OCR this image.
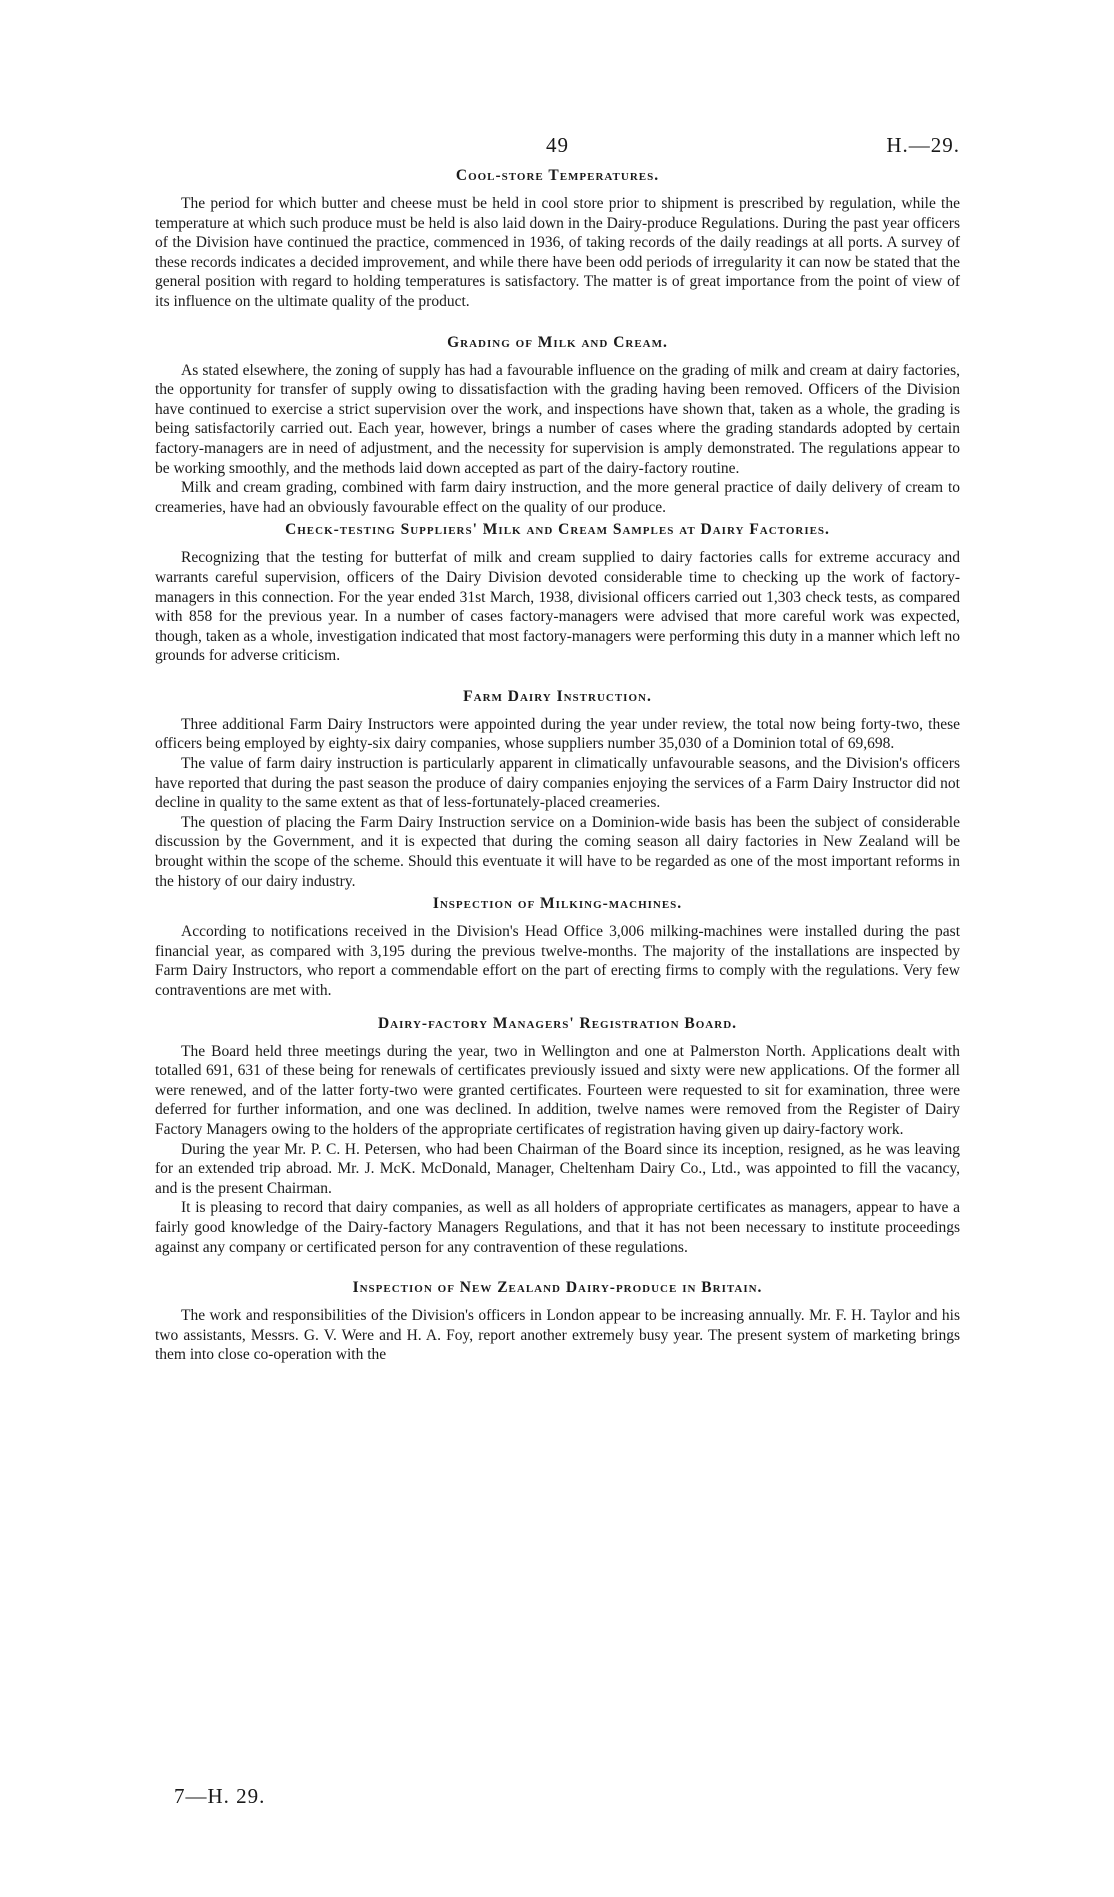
49	H.—29.
Cool-store Temperatures.

The period for which butter and cheese must be held in cool store prior to shipment is prescribed by regulation, while the temperature at which such produce must be held is also laid down in the Dairy-produce Regulations. During the past year officers of the Division have continued the practice, commenced in 1936, of taking records of the daily readings at all ports. A survey of these records indicates a decided improvement, and while there have been odd periods of irregularity it can now be stated that the general position with regard to holding temperatures is satisfactory. The matter is of great importance from the point of view of its influence on the ultimate quality of the product.

Grading of Milk and Cream.

As stated elsewhere, the zoning of supply has had a favourable influence on the grading of milk and cream at dairy factories, the opportunity for transfer of supply owing to dissatisfaction with the grading having been removed. Officers of the Division have continued to exercise a strict supervision over the work, and inspections have shown that, taken as a whole, the grading is being satisfactorily carried out. Each year, however, brings a number of cases where the grading standards adopted by certain factory-managers are in need of adjustment, and the necessity for supervision is amply demonstrated. The regulations appear to be working smoothly, and the methods laid down accepted as part of the dairy-factory routine.

Milk and cream grading, combined with farm dairy instruction, and the more general practice of daily delivery of cream to creameries, have had an obviously favourable effect on the quality of our produce.

Check-testing Suppliers' Milk and Cream Samples at Dairy Factories.

Recognizing that the testing for butterfat of milk and cream supplied to dairy factories calls for extreme accuracy and warrants careful supervision, officers of the Dairy Division devoted considerable time to checking up the work of factory-managers in this connection. For the year ended 31st March, 1938, divisional officers carried out 1,303 check tests, as compared with 858 for the previous year. In a number of cases factory-managers were advised that more careful work was expected, though, taken as a whole, investigation indicated that most factory-managers were performing this duty in a manner which left no grounds for adverse criticism.

Farm Dairy Instruction.

Three additional Farm Dairy Instructors were appointed during the year under review, the total now being forty-two, these officers being employed by eighty-six dairy companies, whose suppliers number 35,030 of a Dominion total of 69,698.

The value of farm dairy instruction is particularly apparent in climatically unfavourable seasons, and the Division's officers have reported that during the past season the produce of dairy companies enjoying the services of a Farm Dairy Instructor did not decline in quality to the same extent as that of less-fortunately-placed creameries.

The question of placing the Farm Dairy Instruction service on a Dominion-wide basis has been the subject of considerable discussion by the Government, and it is expected that during the coming season all dairy factories in New Zealand will be brought within the scope of the scheme. Should this eventuate it will have to be regarded as one of the most important reforms in the history of our dairy industry.

Inspection of Milking-machines.

According to notifications received in the Division's Head Office 3,006 milking-machines were installed during the past financial year, as compared with 3,195 during the previous twelve-months. The majority of the installations are inspected by Farm Dairy Instructors, who report a commendable effort on the part of erecting firms to comply with the regulations. Very few contraventions are met with.

Dairy-factory Managers' Registration Board.

The Board held three meetings during the year, two in Wellington and one at Palmerston North. Applications dealt with totalled 691, 631 of these being for renewals of certificates previously issued and sixty were new applications. Of the former all were renewed, and of the latter forty-two were granted certificates. Fourteen were requested to sit for examination, three were deferred for further information, and one was declined. In addition, twelve names were removed from the Register of Dairy Factory Managers owing to the holders of the appropriate certificates of registration having given up dairy-factory work.

During the year Mr. P. C. H. Petersen, who had been Chairman of the Board since its inception, resigned, as he was leaving for an extended trip abroad. Mr. J. McK. McDonald, Manager, Cheltenham Dairy Co., Ltd., was appointed to fill the vacancy, and is the present Chairman.

It is pleasing to record that dairy companies, as well as all holders of appropriate certificates as managers, appear to have a fairly good knowledge of the Dairy-factory Managers Regulations, and that it has not been necessary to institute proceedings against any company or certificated person for any contravention of these regulations.

Inspection of New Zealand Dairy-produce in Britain.

The work and responsibilities of the Division's officers in London appear to be increasing annually. Mr. F. H. Taylor and his two assistants, Messrs. G. V. Were and H. A. Foy, report another extremely busy year. The present system of marketing brings them into close co-operation with the

7—H. 29.
